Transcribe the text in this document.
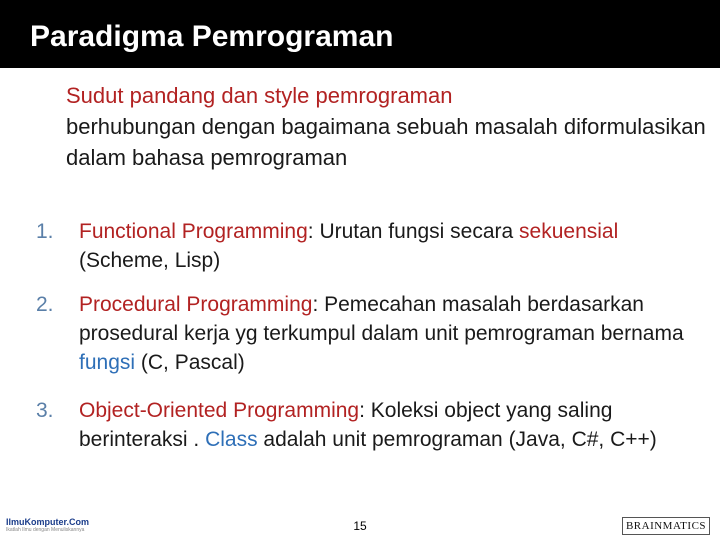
Paradigma Pemrograman
Sudut pandang dan style pemrograman
berhubungan dengan bagaimana sebuah masalah diformulasikan dalam bahasa pemrograman
1. Functional Programming: Urutan fungsi secara sekuensial (Scheme, Lisp)
2. Procedural Programming: Pemecahan masalah berdasarkan prosedural kerja yg terkumpul dalam unit pemrograman bernama fungsi (C, Pascal)
3. Object-Oriented Programming: Koleksi object yang saling berinteraksi . Class adalah unit pemrograman (Java, C#, C++)
IlmuKomputer.Com
Ikatlah Ilmu dengan Menuliskannya	15	BRAINMATICS
